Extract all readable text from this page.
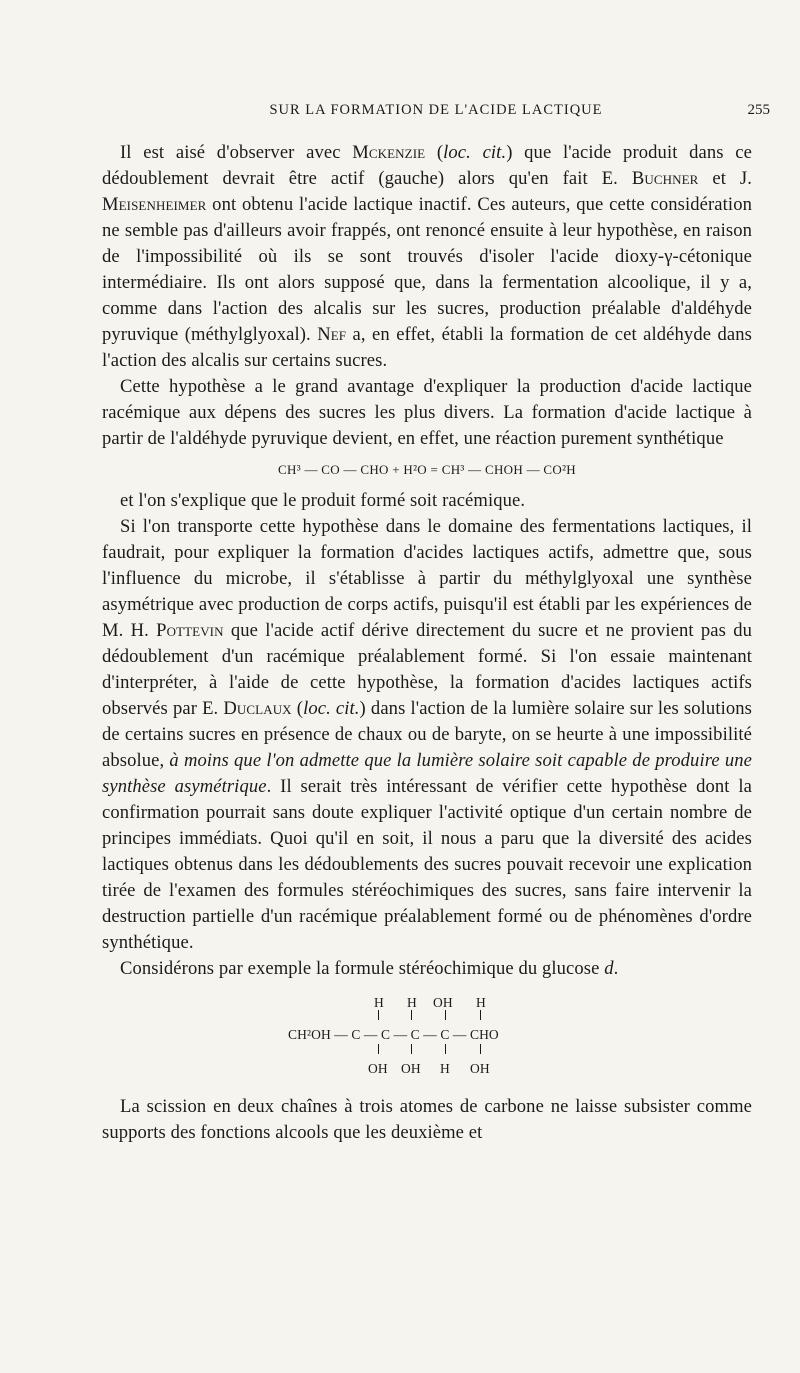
SUR LA FORMATION DE L'ACIDE LACTIQUE	255

Il est aisé d'observer avec Mckenzie (loc. cit.) que l'acide produit dans ce dédoublement devrait être actif (gauche) alors qu'en fait E. Buchner et J. Meisenheimer ont obtenu l'acide lactique inactif. Ces auteurs, que cette considération ne semble pas d'ailleurs avoir frappés, ont renoncé ensuite à leur hypothèse, en raison de l'impossibilité où ils se sont trouvés d'isoler l'acide dioxy-γ-cétonique intermédiaire. Ils ont alors supposé que, dans la fermentation alcoolique, il y a, comme dans l'action des alcalis sur les sucres, production préalable d'aldéhyde pyruvique (méthylglyoxal). Nef a, en effet, établi la formation de cet aldéhyde dans l'action des alcalis sur certains sucres.

Cette hypothèse a le grand avantage d'expliquer la production d'acide lactique racémique aux dépens des sucres les plus divers. La formation d'acide lactique à partir de l'aldéhyde pyruvique devient, en effet, une réaction purement synthétique

CH³ — CO — CHO + H²O = CH³ — CHOH — CO²H

et l'on s'explique que le produit formé soit racémique.

Si l'on transporte cette hypothèse dans le domaine des fermentations lactiques, il faudrait, pour expliquer la formation d'acides lactiques actifs, admettre que, sous l'influence du microbe, il s'établisse à partir du méthylglyoxal une synthèse asymétrique avec production de corps actifs, puisqu'il est établi par les expériences de M. H. Pottevin que l'acide actif dérive directement du sucre et ne provient pas du dédoublement d'un racémique préalablement formé. Si l'on essaie maintenant d'interpréter, à l'aide de cette hypothèse, la formation d'acides lactiques actifs observés par E. Duclaux (loc. cit.) dans l'action de la lumière solaire sur les solutions de certains sucres en présence de chaux ou de baryte, on se heurte à une impossibilité absolue, à moins que l'on admette que la lumière solaire soit capable de produire une synthèse asymétrique. Il serait très intéressant de vérifier cette hypothèse dont la confirmation pourrait sans doute expliquer l'activité optique d'un certain nombre de principes immédiats. Quoi qu'il en soit, il nous a paru que la diversité des acides lactiques obtenus dans les dédoublements des sucres pouvait recevoir une explication tirée de l'examen des formules stéréochimiques des sucres, sans faire intervenir la destruction partielle d'un racémique préalablement formé ou de phénomènes d'ordre synthétique.

Considérons par exemple la formule stéréochimique du glucose d.

H H OH H
CH²OH — C — C — C — C — CHO
OH OH H OH

La scission en deux chaînes à trois atomes de carbone ne laisse subsister comme supports des fonctions alcools que les deuxième et
